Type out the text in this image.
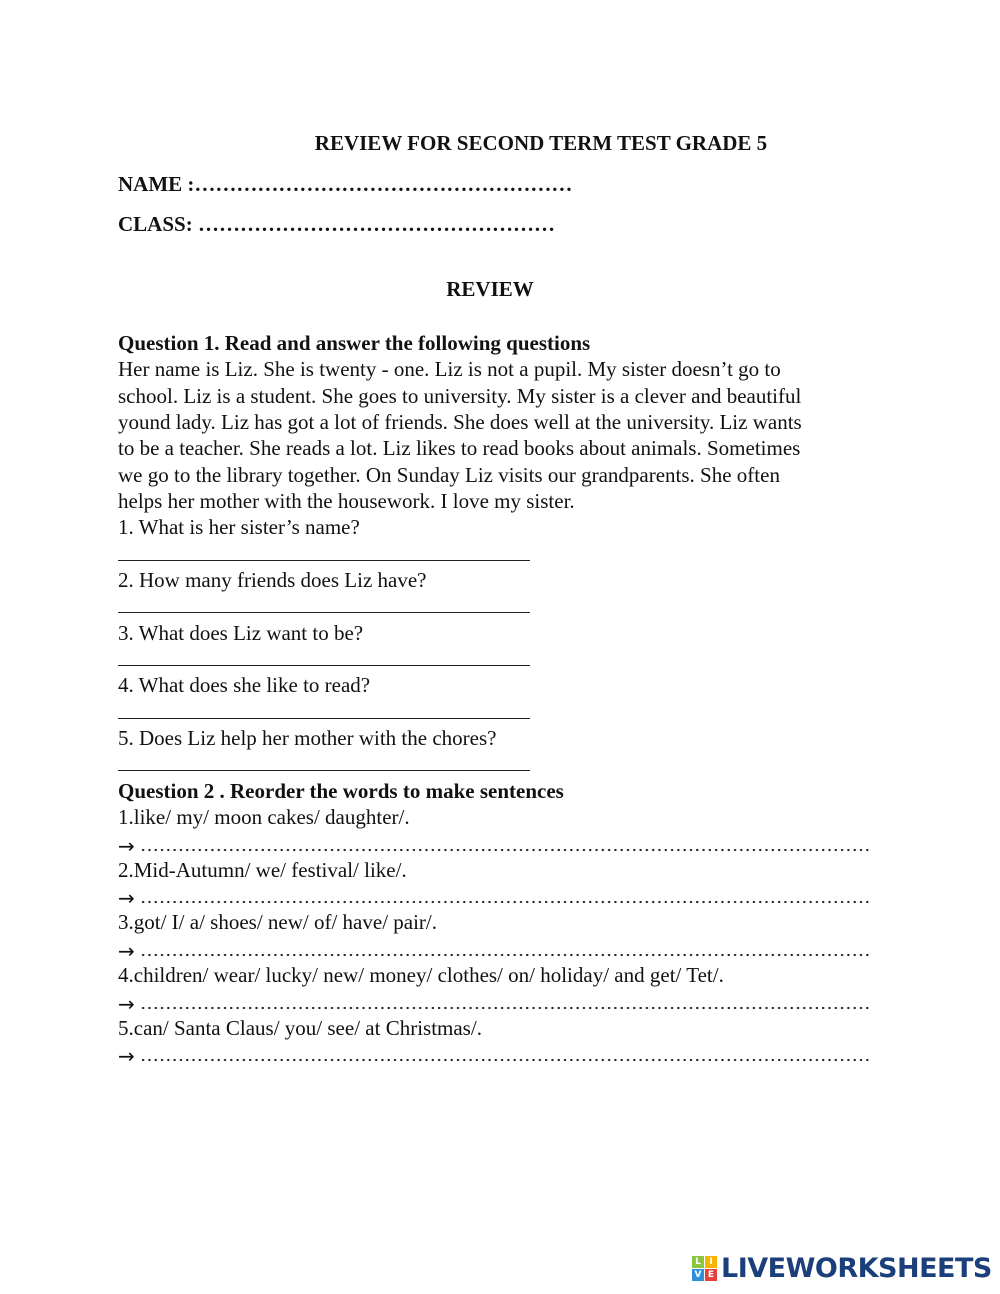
REVIEW FOR SECOND TERM TEST GRADE 5
NAME :………………………………………………
CLASS: ……………………………………………
REVIEW
Question 1. Read and answer the following questions
Her name is Liz. She is twenty - one. Liz is not a pupil. My sister doesn’t go to
school. Liz is a student. She goes to university. My sister is a clever and beautiful
yound lady. Liz has got a lot of friends. She does well at the university. Liz wants
to be a teacher. She reads a lot. Liz likes to read books about animals. Sometimes
we go to the library together. On Sunday Liz visits our grandparents. She often
helps her mother with the housework. I love my sister.
1. What is her sister’s name?
2. How many friends does Liz have?
3. What does Liz want to be?
4. What does she like to read?
5. Does Liz help her mother with the chores?
Question 2 . Reorder the words to make sentences
1.like/ my/ moon cakes/ daughter/.
→
2.Mid-Autumn/ we/ festival/ like/.
→
3.got/ I/ a/ shoes/ new/ of/ have/ pair/.
→
4.children/ wear/ lucky/ new/ money/ clothes/ on/ holiday/ and get/ Tet/.
→
5.can/ Santa Claus/ you/ see/ at Christmas/.
→
L I
V E LIVEWORKSHEETS
